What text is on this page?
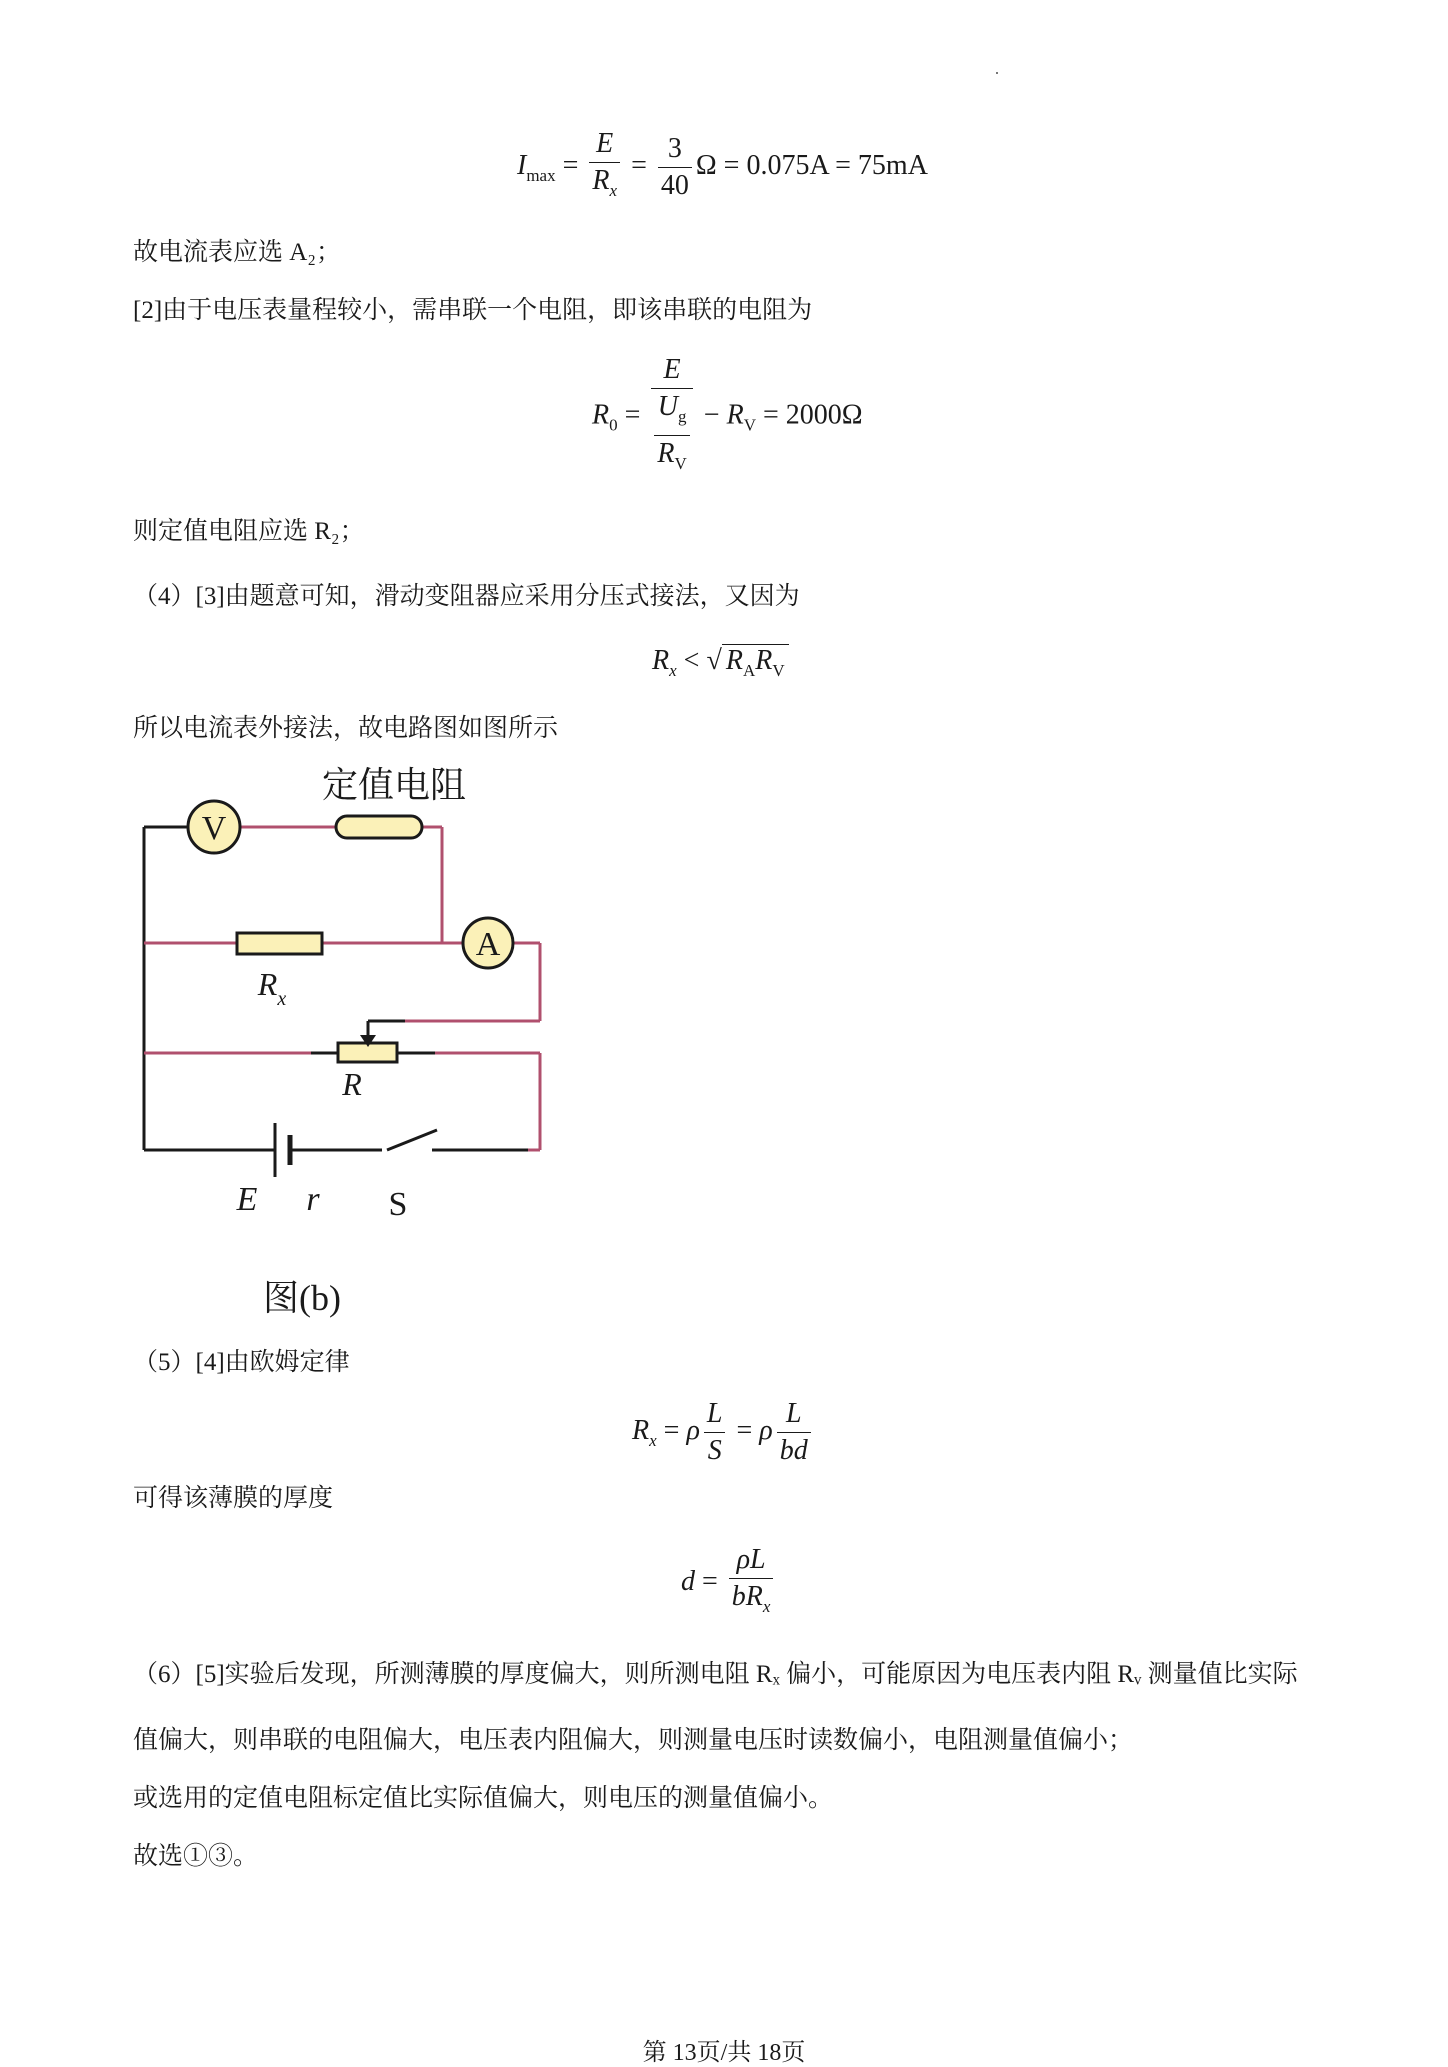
$I_{max} = \frac{E}{R_x} = \frac{3}{40}$ Ω = 0.075A = 75mA
故电流表应选 A₂；
[2]由于电压表量程较小，需串联一个电阻，即该串联的电阻为
$R_0 = \frac{E}{\frac{U_g}{R_V}} - R_V = 2000\Omega$
则定值电阻应选 R₂；
（4）[3]由题意可知，滑动变阻器应采用分压式接法，又因为
$R_x$ < √ $R_AR_V$
所以电流表外接法，故电路图如图所示
V
A
定值电阻
$R_x$
R
E r S
图(b)
（5）[4]由欧姆定律
$R_x = \rho \frac{L}{S} = \rho \frac{L}{bd}$
可得该薄膜的厚度
$d = \frac{\rho L}{bR_x}$
（6）[5]实验后发现，所测薄膜的厚度偏大，则所测电阻 Rₓ 偏小，可能原因为电压表内阻 Rᵥ 测量值比实际
值偏大，则串联的电阻偏大，电压表内阻偏大，则测量电压时读数偏小，电阻测量值偏小；
或选用的定值电阻标定值比实际值偏大，则电压的测量值偏小。
故选①③。
第 13页/共 18页
